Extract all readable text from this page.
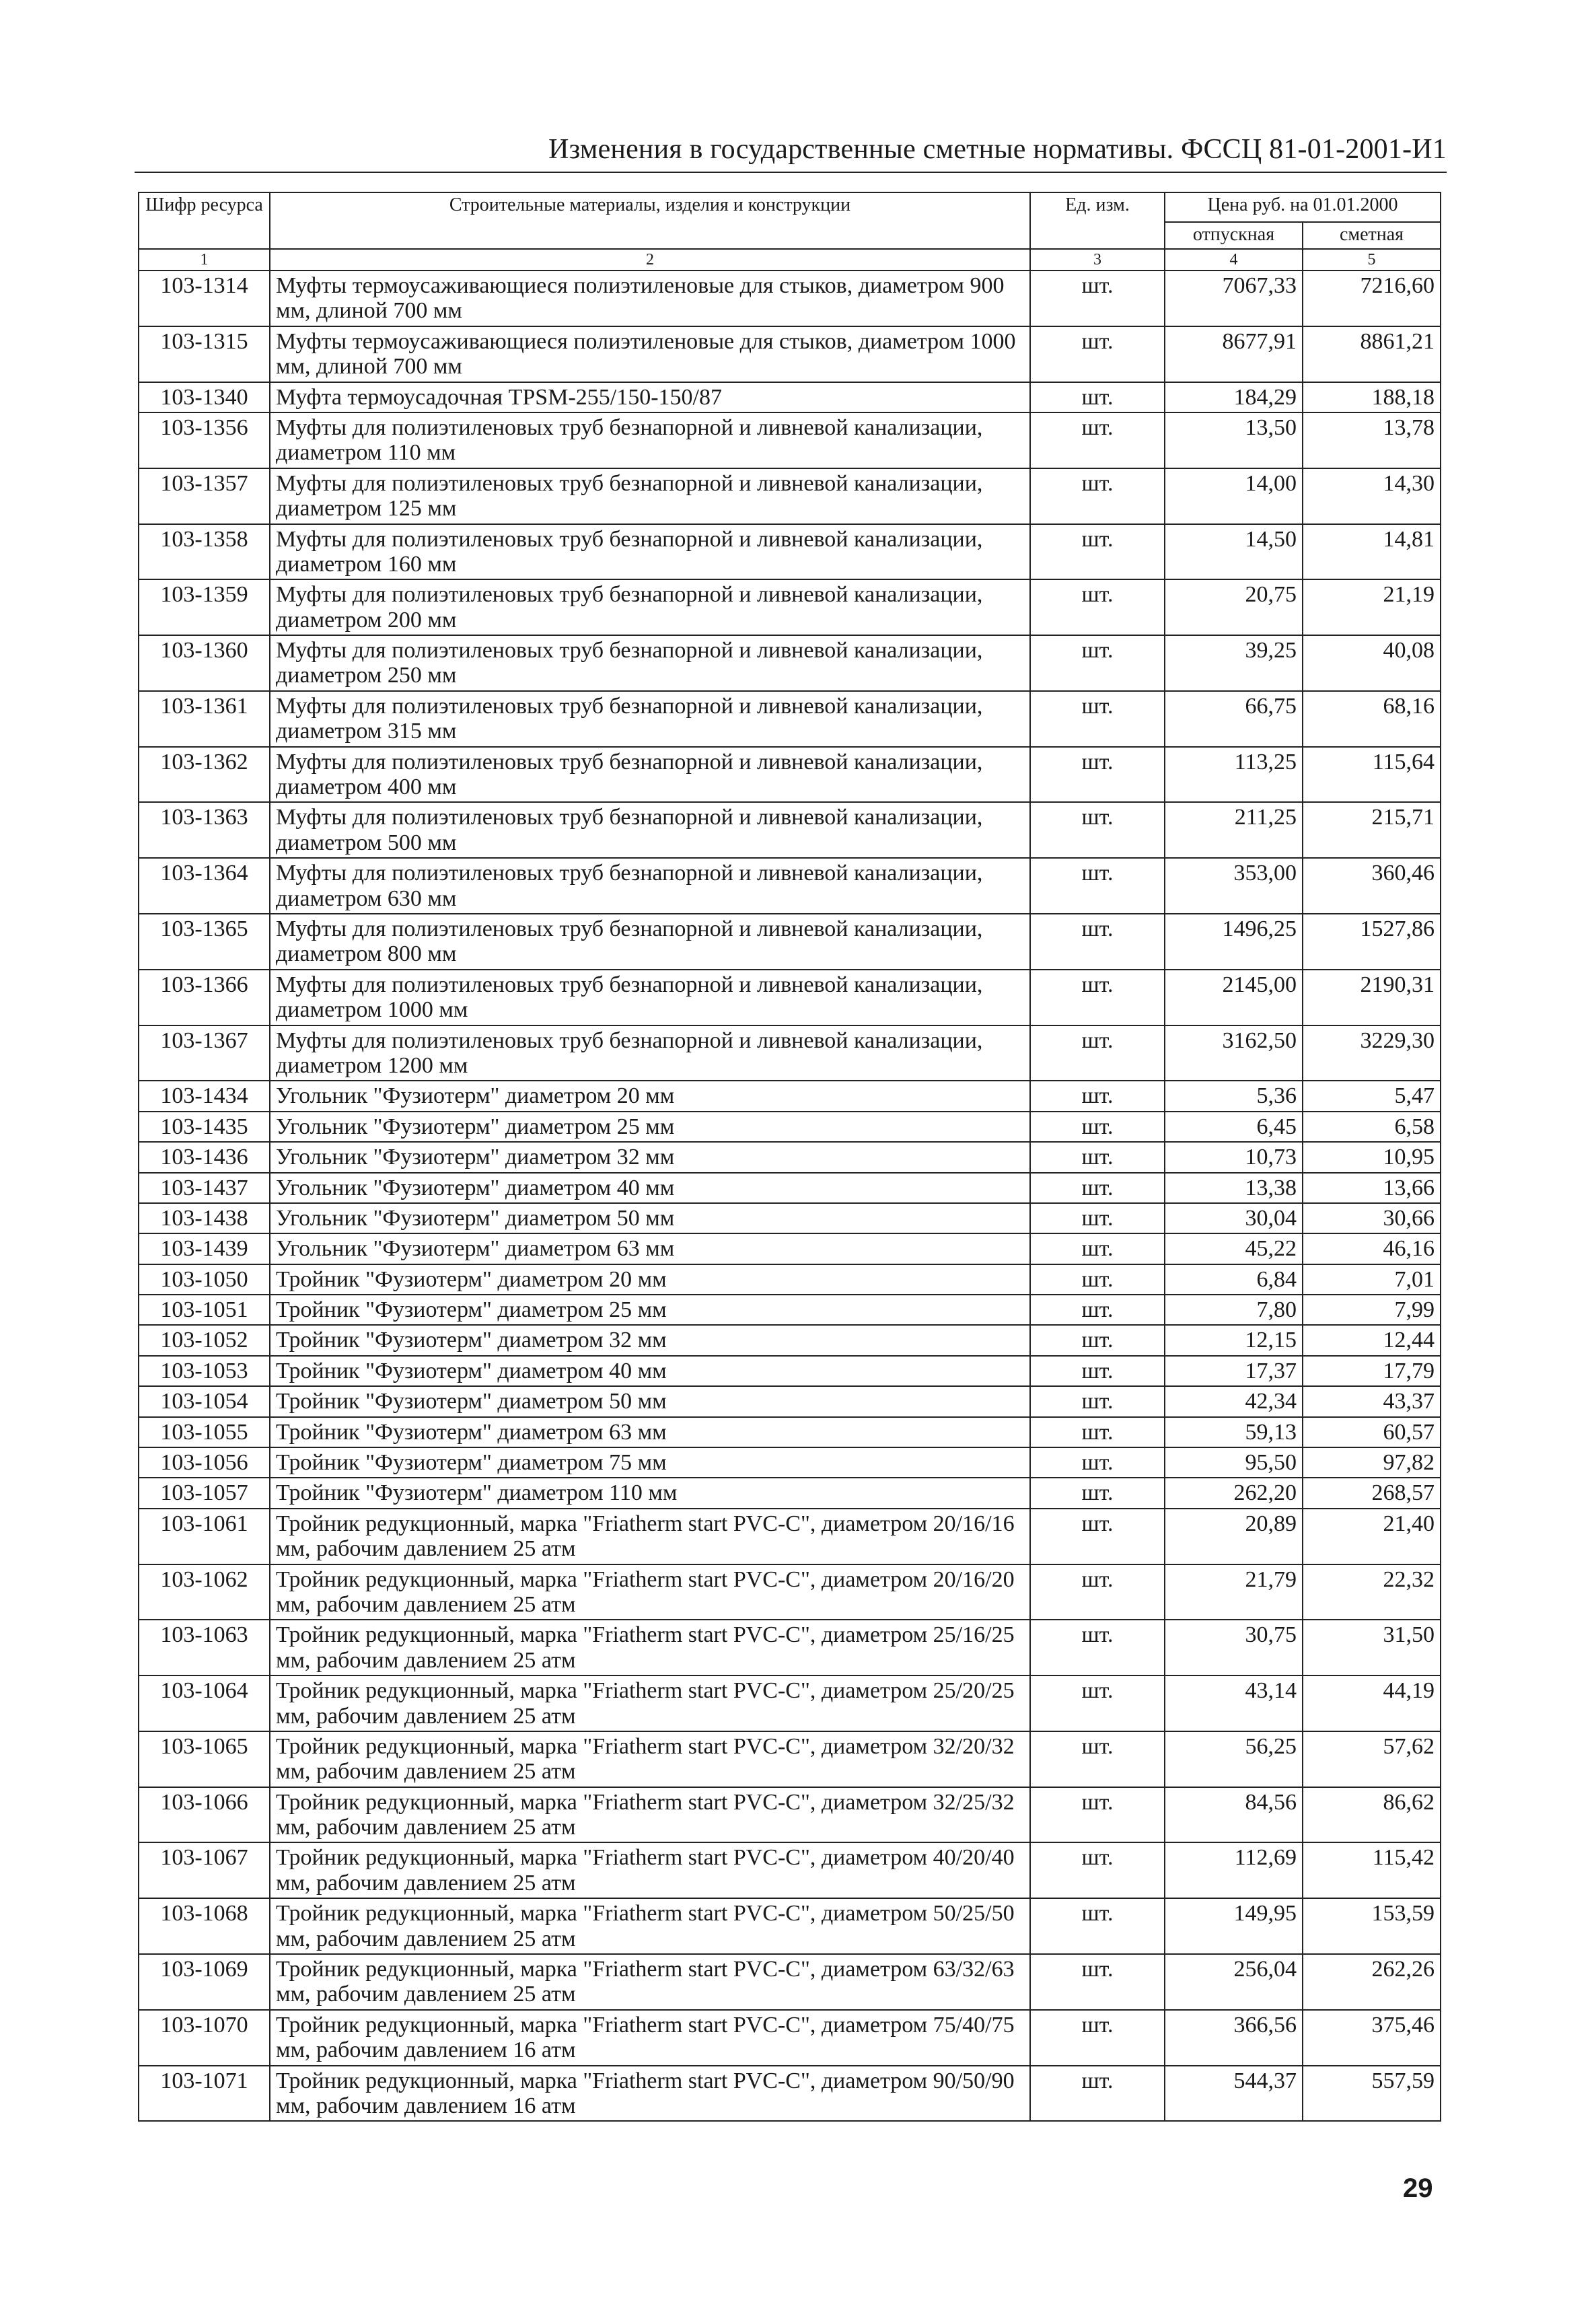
Изменения в государственные сметные нормативы. ФССЦ 81-01-2001-И1
Шифр ресурса	Строительные материалы, изделия и конструкции	Ед. изм.	Цена руб. на 01.01.2000	
			отпускная	сметная
1	2	3	4	5
103-1314	Муфты термоусаживающиеся полиэтиленовые для стыков, диаметром 900 мм, длиной 700 мм	шт.	7067,33	7216,60
103-1315	Муфты термоусаживающиеся полиэтиленовые для стыков, диаметром 1000 мм, длиной 700 мм	шт.	8677,91	8861,21
103-1340	Муфта термоусадочная TPSM-255/150-150/87	шт.	184,29	188,18
103-1356	Муфты для полиэтиленовых труб безнапорной и ливневой канализации, диаметром 110 мм	шт.	13,50	13,78
103-1357	Муфты для полиэтиленовых труб безнапорной и ливневой канализации, диаметром 125 мм	шт.	14,00	14,30
103-1358	Муфты для полиэтиленовых труб безнапорной и ливневой канализации, диаметром 160 мм	шт.	14,50	14,81
103-1359	Муфты для полиэтиленовых труб безнапорной и ливневой канализации, диаметром 200 мм	шт.	20,75	21,19
103-1360	Муфты для полиэтиленовых труб безнапорной и ливневой канализации, диаметром 250 мм	шт.	39,25	40,08
103-1361	Муфты для полиэтиленовых труб безнапорной и ливневой канализации, диаметром 315 мм	шт.	66,75	68,16
103-1362	Муфты для полиэтиленовых труб безнапорной и ливневой канализации, диаметром 400 мм	шт.	113,25	115,64
103-1363	Муфты для полиэтиленовых труб безнапорной и ливневой канализации, диаметром 500 мм	шт.	211,25	215,71
103-1364	Муфты для полиэтиленовых труб безнапорной и ливневой канализации, диаметром 630 мм	шт.	353,00	360,46
103-1365	Муфты для полиэтиленовых труб безнапорной и ливневой канализации, диаметром 800 мм	шт.	1496,25	1527,86
103-1366	Муфты для полиэтиленовых труб безнапорной и ливневой канализации, диаметром 1000 мм	шт.	2145,00	2190,31
103-1367	Муфты для полиэтиленовых труб безнапорной и ливневой канализации, диаметром 1200 мм	шт.	3162,50	3229,30
103-1434	Угольник "Фузиотерм" диаметром 20 мм	шт.	5,36	5,47
103-1435	Угольник "Фузиотерм" диаметром 25 мм	шт.	6,45	6,58
103-1436	Угольник "Фузиотерм" диаметром 32 мм	шт.	10,73	10,95
103-1437	Угольник "Фузиотерм" диаметром 40 мм	шт.	13,38	13,66
103-1438	Угольник "Фузиотерм" диаметром 50 мм	шт.	30,04	30,66
103-1439	Угольник "Фузиотерм" диаметром 63 мм	шт.	45,22	46,16
103-1050	Тройник "Фузиотерм" диаметром 20 мм	шт.	6,84	7,01
103-1051	Тройник "Фузиотерм" диаметром 25 мм	шт.	7,80	7,99
103-1052	Тройник "Фузиотерм" диаметром 32 мм	шт.	12,15	12,44
103-1053	Тройник "Фузиотерм" диаметром 40 мм	шт.	17,37	17,79
103-1054	Тройник "Фузиотерм" диаметром 50 мм	шт.	42,34	43,37
103-1055	Тройник "Фузиотерм" диаметром 63 мм	шт.	59,13	60,57
103-1056	Тройник "Фузиотерм" диаметром 75 мм	шт.	95,50	97,82
103-1057	Тройник "Фузиотерм" диаметром 110 мм	шт.	262,20	268,57
103-1061	Тройник редукционный, марка "Friatherm start PVC-C", диаметром 20/16/16 мм, рабочим давлением 25 атм	шт.	20,89	21,40
103-1062	Тройник редукционный, марка "Friatherm start PVC-C", диаметром 20/16/20 мм, рабочим давлением 25 атм	шт.	21,79	22,32
103-1063	Тройник редукционный, марка "Friatherm start PVC-C", диаметром 25/16/25 мм, рабочим давлением 25 атм	шт.	30,75	31,50
103-1064	Тройник редукционный, марка "Friatherm start PVC-C", диаметром 25/20/25 мм, рабочим давлением 25 атм	шт.	43,14	44,19
103-1065	Тройник редукционный, марка "Friatherm start PVC-C", диаметром 32/20/32 мм, рабочим давлением 25 атм	шт.	56,25	57,62
103-1066	Тройник редукционный, марка "Friatherm start PVC-C", диаметром 32/25/32 мм, рабочим давлением 25 атм	шт.	84,56	86,62
103-1067	Тройник редукционный, марка "Friatherm start PVC-C", диаметром 40/20/40 мм, рабочим давлением 25 атм	шт.	112,69	115,42
103-1068	Тройник редукционный, марка "Friatherm start PVC-C", диаметром 50/25/50 мм, рабочим давлением 25 атм	шт.	149,95	153,59
103-1069	Тройник редукционный, марка "Friatherm start PVC-C", диаметром 63/32/63 мм, рабочим давлением 25 атм	шт.	256,04	262,26
103-1070	Тройник редукционный, марка "Friatherm start PVC-C", диаметром 75/40/75 мм, рабочим давлением 16 атм	шт.	366,56	375,46
103-1071	Тройник редукционный, марка "Friatherm start PVC-C", диаметром 90/50/90 мм, рабочим давлением 16 атм	шт.	544,37	557,59
29
